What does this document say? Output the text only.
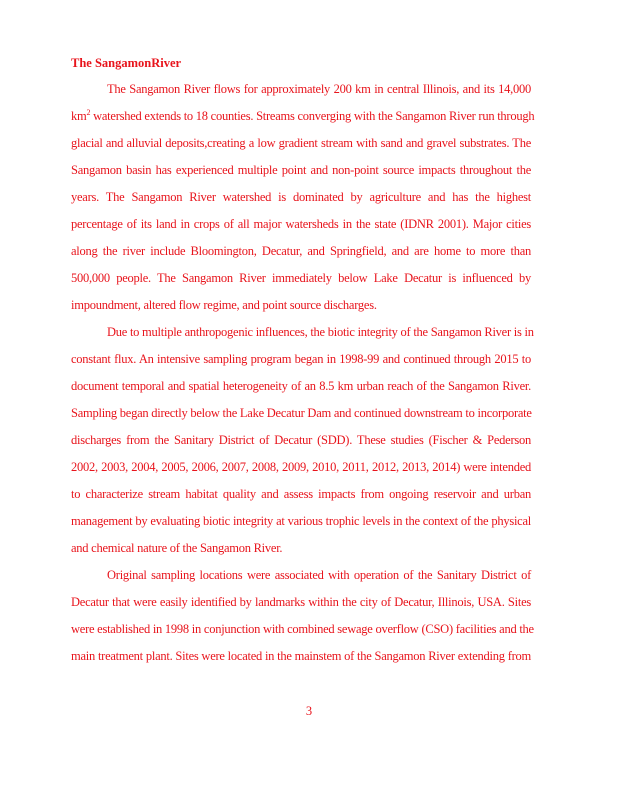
The SangamonRiver
The Sangamon River flows for approximately 200 km in central Illinois, and its 14,000
$km^2$ watershed extends to 18 counties. Streams converging with the Sangamon River run through
glacial and alluvial deposits,creating a low gradient stream with sand and gravel substrates. The
Sangamon basin has experienced multiple point and non-point source impacts throughout the
years. The Sangamon River watershed is dominated by agriculture and has the highest
percentage of its land in crops of all major watersheds in the state (IDNR 2001). Major cities
along the river include Bloomington, Decatur, and Springfield, and are home to more than
500,000 people. The Sangamon River immediately below Lake Decatur is influenced by
impoundment, altered flow regime, and point source discharges.
Due to multiple anthropogenic influences, the biotic integrity of the Sangamon River is in
constant flux. An intensive sampling program began in 1998-99 and continued through 2015 to
document temporal and spatial heterogeneity of an 8.5 km urban reach of the Sangamon River.
Sampling began directly below the Lake Decatur Dam and continued downstream to incorporate
discharges from the Sanitary District of Decatur (SDD). These studies (Fischer & Pederson
2002, 2003, 2004, 2005, 2006, 2007, 2008, 2009, 2010, 2011, 2012, 2013, 2014) were intended
to characterize stream habitat quality and assess impacts from ongoing reservoir and urban
management by evaluating biotic integrity at various trophic levels in the context of the physical
and chemical nature of the Sangamon River.
Original sampling locations were associated with operation of the Sanitary District of
Decatur that were easily identified by landmarks within the city of Decatur, Illinois, USA. Sites
were established in 1998 in conjunction with combined sewage overflow (CSO) facilities and the
main treatment plant. Sites were located in the mainstem of the Sangamon River extending from
3
